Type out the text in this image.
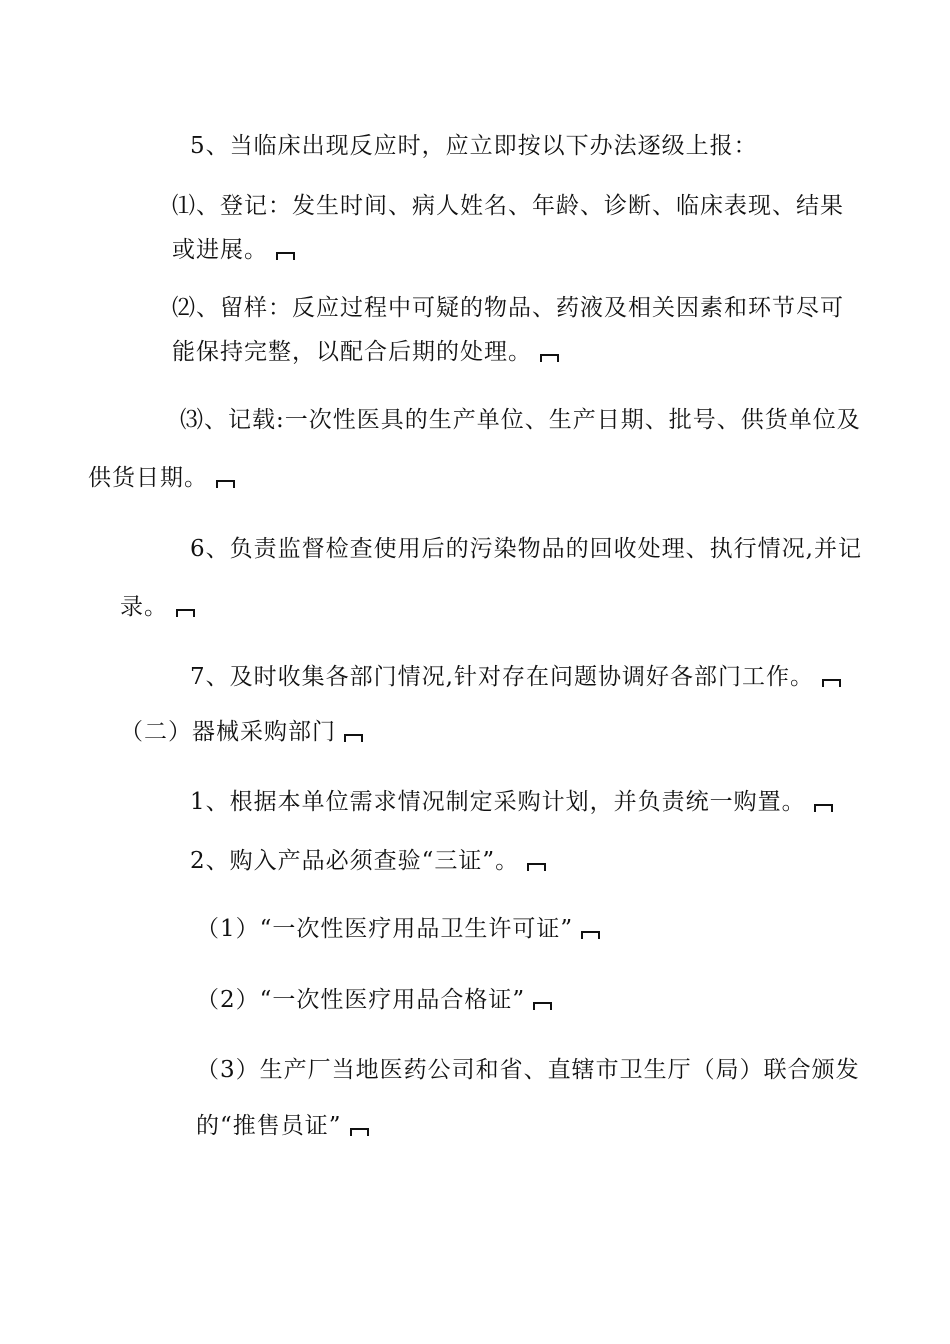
5、当临床出现反应时，应立即按以下办法逐级上报：
⑴、登记：发生时间、病人姓名、年龄、诊断、临床表现、结果
或进展。
⑵、留样：反应过程中可疑的物品、药液及相关因素和环节尽可
能保持完整，以配合后期的处理。
⑶、记载:一次性医具的生产单位、生产日期、批号、供货单位及
供货日期。
6、负责监督检查使用后的污染物品的回收处理、执行情况,并记
录。
7、及时收集各部门情况,针对存在问题协调好各部门工作。
（二）器械采购部门
1、根据本单位需求情况制定采购计划，并负责统一购置。
2、购入产品必须查验“三证”。
（1）“一次性医疗用品卫生许可证”
（2）“一次性医疗用品合格证”
（3）生产厂当地医药公司和省、直辖市卫生厅（局）联合颁发
的“推售员证”
